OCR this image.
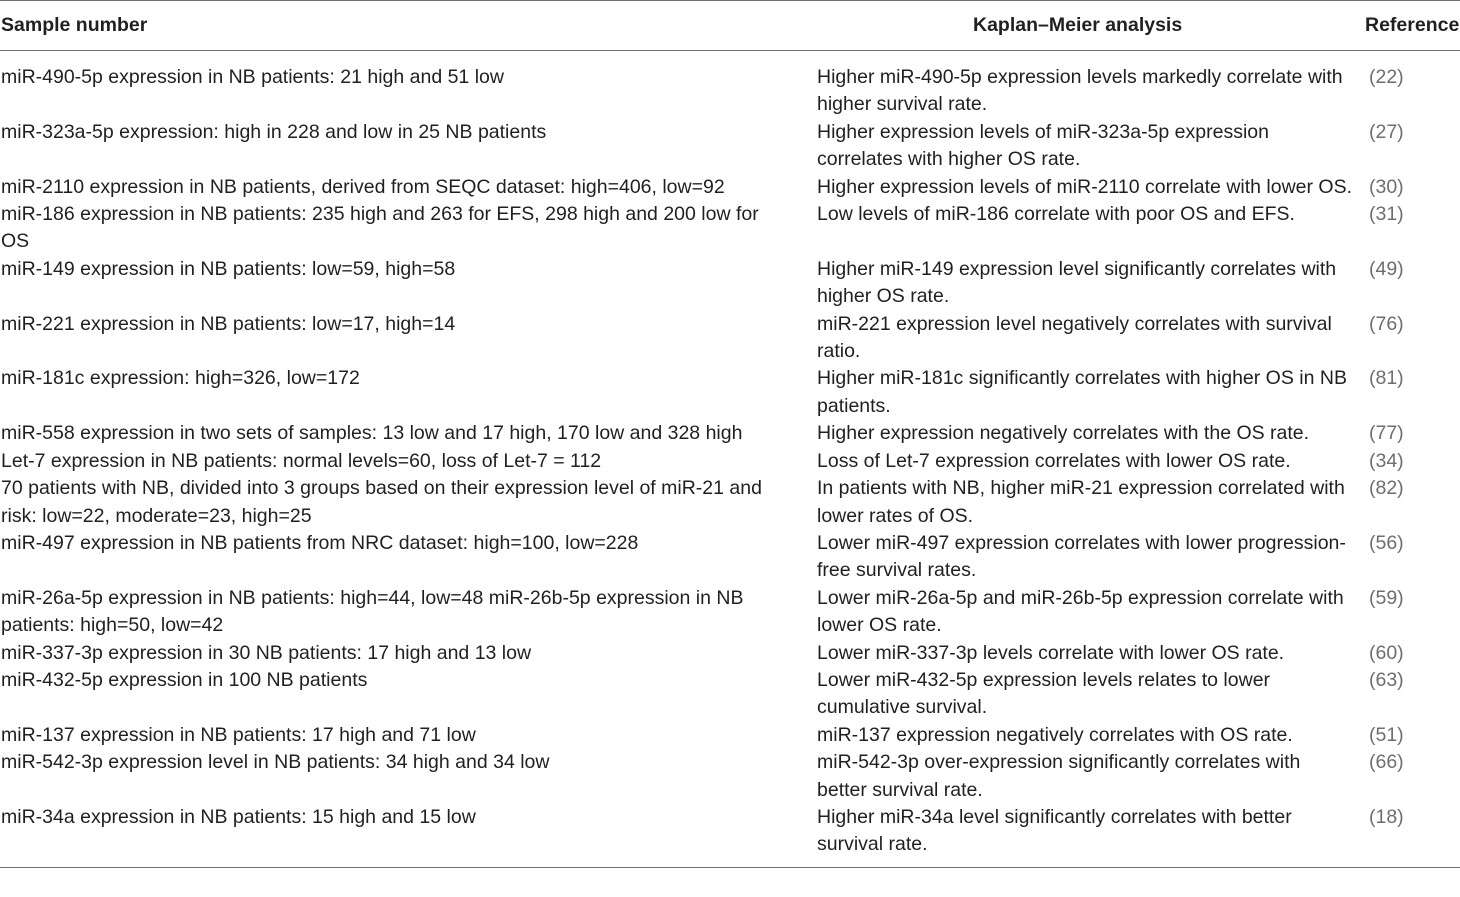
Sample number	Kaplan–Meier analysis	Reference
miR-490-5p expression in NB patients: 21 high and 51 low	Higher miR-490-5p expression levels markedly correlate with higher survival rate.	(22)
miR-323a-5p expression: high in 228 and low in 25 NB patients	Higher expression levels of miR-323a-5p expression correlates with higher OS rate.	(27)
miR-2110 expression in NB patients, derived from SEQC dataset: high=406, low=92	Higher expression levels of miR-2110 correlate with lower OS.	(30)
miR-186 expression in NB patients: 235 high and 263 for EFS, 298 high and 200 low for OS	Low levels of miR-186 correlate with poor OS and EFS.	(31)
miR-149 expression in NB patients: low=59, high=58	Higher miR-149 expression level significantly correlates with higher OS rate.	(49)
miR-221 expression in NB patients: low=17, high=14	miR-221 expression level negatively correlates with survival ratio.	(76)
miR-181c expression: high=326, low=172	Higher miR-181c significantly correlates with higher OS in NB patients.	(81)
miR-558 expression in two sets of samples: 13 low and 17 high, 170 low and 328 high	Higher expression negatively correlates with the OS rate.	(77)
Let-7 expression in NB patients: normal levels=60, loss of Let-7 = 112	Loss of Let-7 expression correlates with lower OS rate.	(34)
70 patients with NB, divided into 3 groups based on their expression level of miR-21 and risk: low=22, moderate=23, high=25	In patients with NB, higher miR-21 expression correlated with lower rates of OS.	(82)
miR-497 expression in NB patients from NRC dataset: high=100, low=228	Lower miR-497 expression correlates with lower progression-free survival rates.	(56)
miR-26a-5p expression in NB patients: high=44, low=48 miR-26b-5p expression in NB patients: high=50, low=42	Lower miR-26a-5p and miR-26b-5p expression correlate with lower OS rate.	(59)
miR-337-3p expression in 30 NB patients: 17 high and 13 low	Lower miR-337-3p levels correlate with lower OS rate.	(60)
miR-432-5p expression in 100 NB patients	Lower miR-432-5p expression levels relates to lower cumulative survival.	(63)
miR-137 expression in NB patients: 17 high and 71 low	miR-137 expression negatively correlates with OS rate.	(51)
miR-542-3p expression level in NB patients: 34 high and 34 low	miR-542-3p over-expression significantly correlates with better survival rate.	(66)
miR-34a expression in NB patients: 15 high and 15 low	Higher miR-34a level significantly correlates with better survival rate.	(18)
